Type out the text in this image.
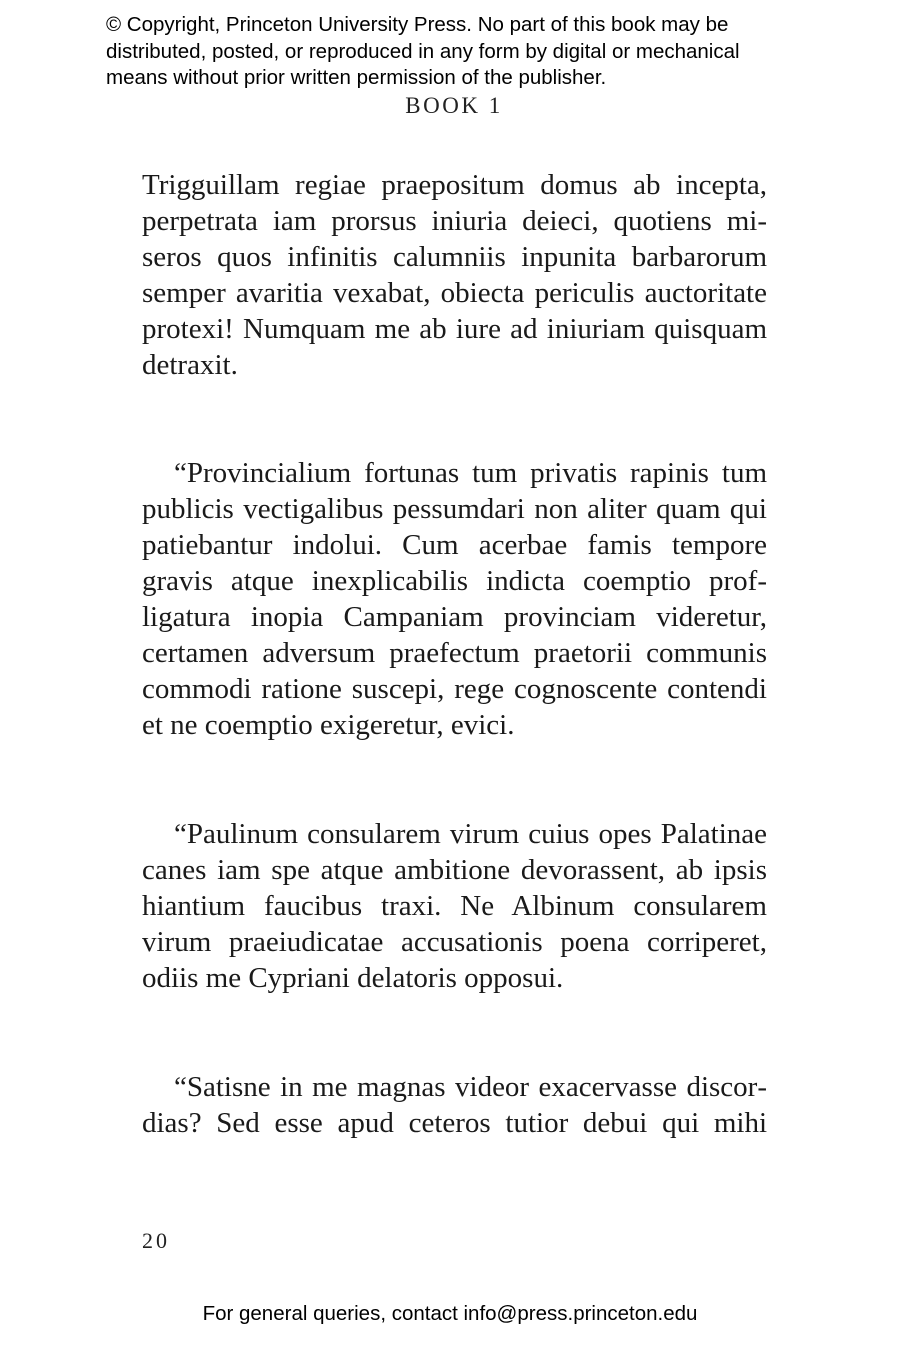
© Copyright, Princeton University Press. No part of this book may be
distributed, posted, or reproduced in any form by digital or mechanical
means without prior written permission of the publisher.
BOOK 1

Trigguillam regiae praepositum domus ab incepta, perpetrata iam prorsus iniuria deieci, quotiens miseros quos infinitis calumniis inpunita barbarorum semper avaritia vexabat, obiecta periculis auctoritate protexi! Numquam me ab iure ad iniuriam quisquam detraxit.

“Provincialium fortunas tum privatis rapinis tum publicis vectigalibus pessumdari non aliter quam qui patiebantur indolui. Cum acerbae famis tempore gravis atque inexplicabilis indicta coemptio profligatura inopia Campaniam provinciam videretur, certamen adversum praefectum praetorii communis commodi ratione suscepi, rege cognoscente contendi et ne coemptio exigeretur, evici.

“Paulinum consularem virum cuius opes Palatinae canes iam spe atque ambitione devorassent, ab ipsis hiantium faucibus traxi. Ne Albinum consularem virum praeiudicatae accusationis poena corriperet, odiis me Cypriani delatoris opposui.

“Satisne in me magnas videor exacervasse discordias? Sed esse apud ceteros tutior debui qui mihi

20
For general queries, contact info@press.princeton.edu
